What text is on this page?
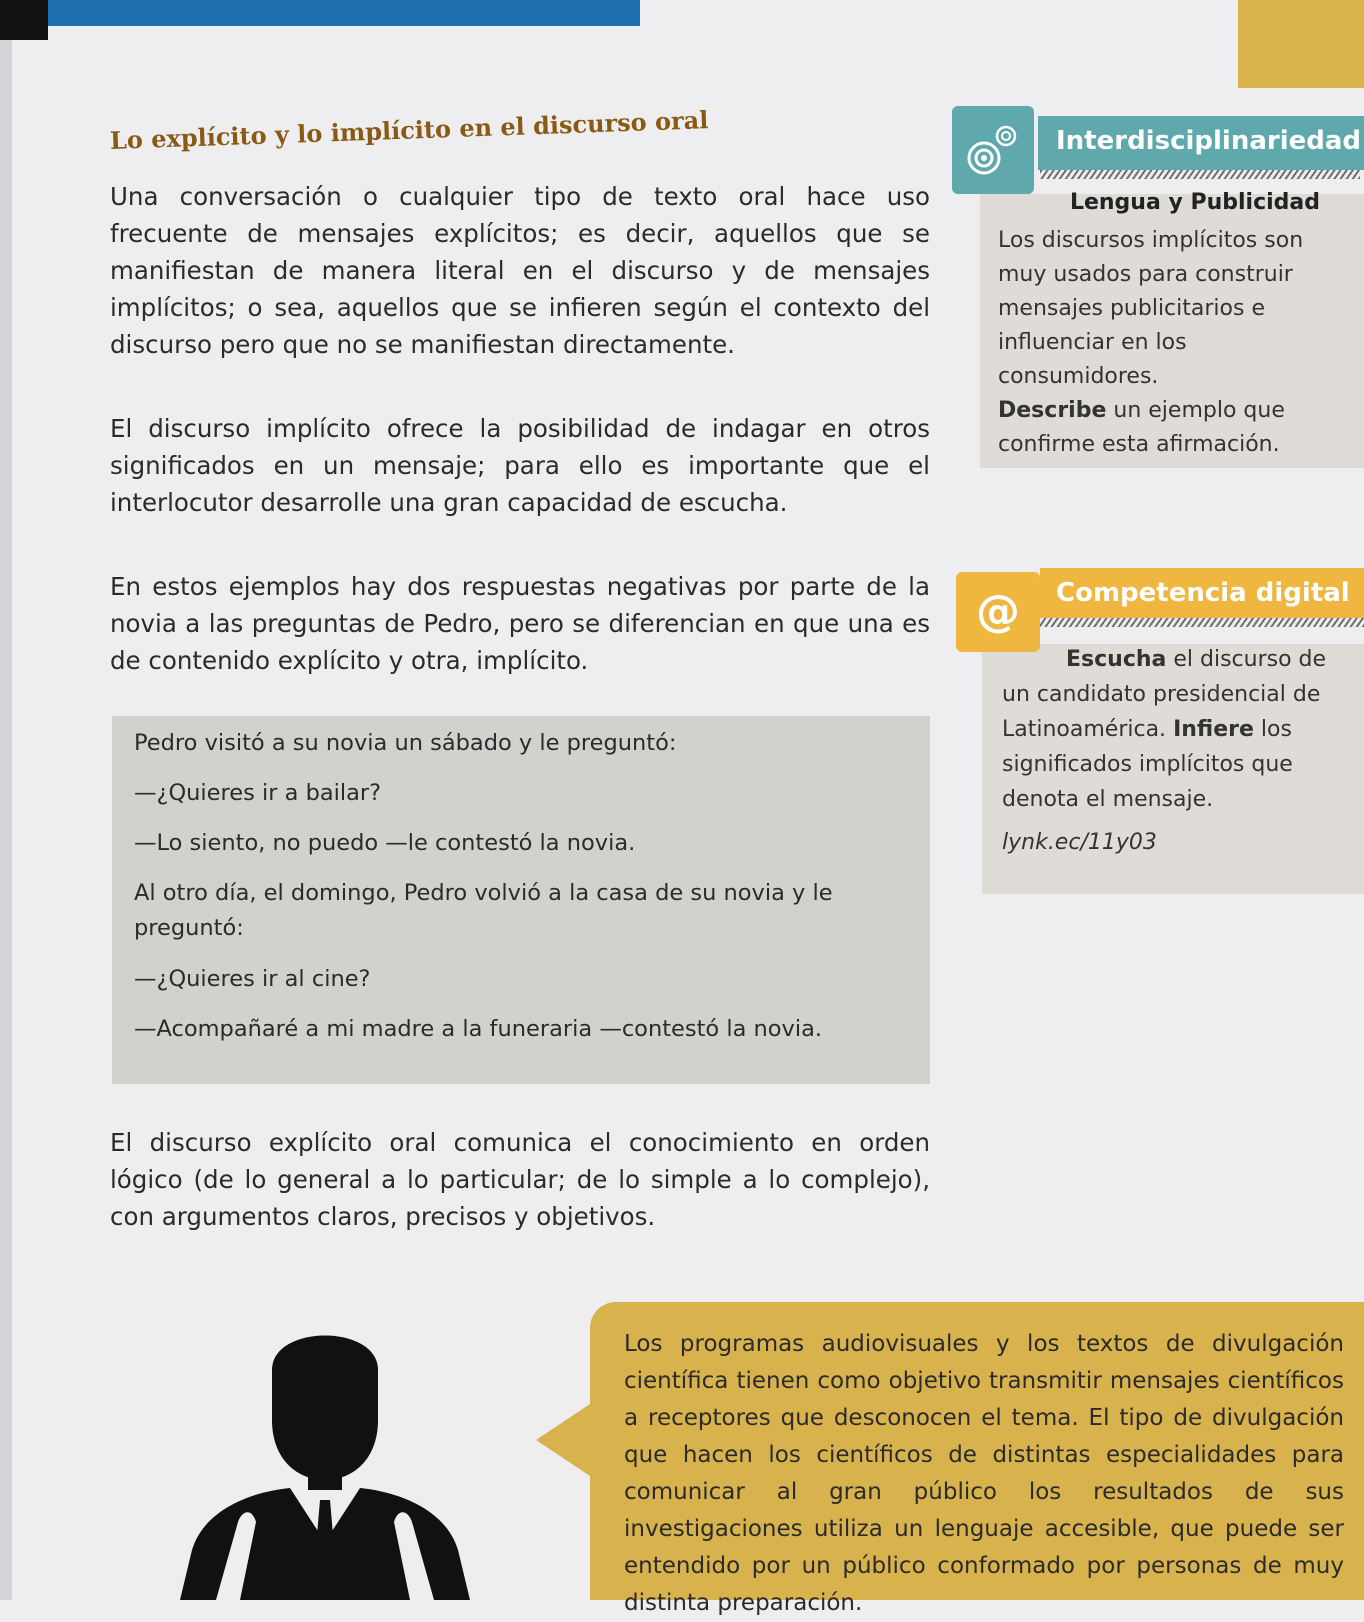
Lo explícito y lo implícito en el discurso oral

Una conversación o cualquier tipo de texto oral hace uso frecuente de mensajes explícitos; es decir, aquellos que se manifiestan de manera literal en el discurso y de mensajes implícitos; o sea, aquellos que se infieren según el contexto del discurso pero que no se manifiestan directamente.

El discurso implícito ofrece la posibilidad de indagar en otros significados en un mensaje; para ello es importante que el interlocutor desarrolle una gran capacidad de escucha.

En estos ejemplos hay dos respuestas negativas por parte de la novia a las preguntas de Pedro, pero se diferencian en que una es de contenido explícito y otra, implícito.

Pedro visitó a su novia un sábado y le preguntó:

—¿Quieres ir a bailar?

—Lo siento, no puedo —le contestó la novia.

Al otro día, el domingo, Pedro volvió a la casa de su novia y le preguntó:

—¿Quieres ir al cine?

—Acompañaré a mi madre a la funeraria —contestó la novia.

El discurso explícito oral comunica el conocimiento en orden lógico (de lo general a lo particular; de lo simple a lo complejo), con argumentos claros, precisos y objetivos.

Interdisciplinariedad
Lengua y Publicidad

Los discursos implícitos son muy usados para construir mensajes publicitarios e influenciar en los consumidores.

Describe un ejemplo que confirme esta afirmación.

@	Competencia digital

Escucha el discurso de un candidato presidencial de Latinoamérica. Infiere los significados implícitos que denota el mensaje.

lynk.ec/11y03

Los programas audiovisuales y los textos de divulgación científica tienen como objetivo transmitir mensajes científicos a receptores que desconocen el tema. El tipo de divulgación que hacen los científicos de distintas especialidades para comunicar al gran público los resultados de sus investigaciones utiliza un lenguaje accesible, que puede ser entendido por un público conformado por personas de muy distinta preparación.
